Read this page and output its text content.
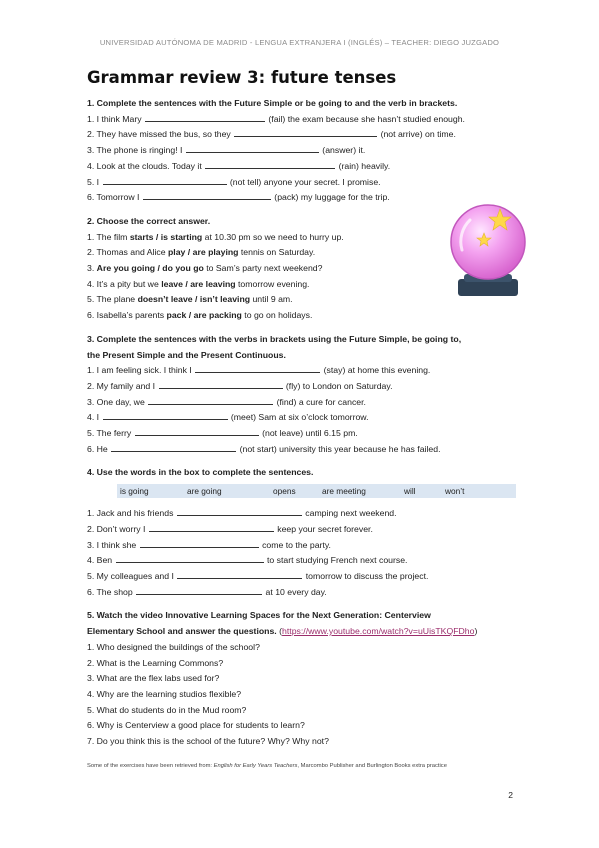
UNIVERSIDAD AUTÓNOMA DE MADRID - LENGUA EXTRANJERA I (INGLÉS) – TEACHER: DIEGO JUZGADO
Grammar review 3: future tenses
1. Complete the sentences with the Future Simple or be going to and the verb in brackets.
1. I think Mary	(fail) the exam because she hasn’t studied enough.
2. They have missed the bus, so they	(not arrive) on time.
3. The phone is ringing! I	(answer) it.
4. Look at the clouds. Today it	(rain) heavily.
5. I	(not tell) anyone your secret. I promise.
6. Tomorrow I	(pack) my luggage for the trip.
2. Choose the correct answer.
1. The film starts / is starting at 10.30 pm so we need to hurry up.
2. Thomas and Alice play / are playing tennis on Saturday.
3. Are you going / do you go to Sam’s party next weekend?
4. It’s a pity but we leave / are leaving tomorrow evening.
5. The plane doesn’t leave / isn’t leaving until 9 am.
6. Isabella’s parents pack / are packing to go on holidays.
3. Complete the sentences with the verbs in brackets using the Future Simple, be going to,
the Present Simple and the Present Continuous.
1. I am feeling sick. I think I	(stay) at home this evening.
2. My family and I	(fly) to London on Saturday.
3. One day, we	(find) a cure for cancer.
4. I	(meet) Sam at six o’clock tomorrow.
5. The ferry	(not leave) until 6.15 pm.
6. He	(not start) university this year because he has failed.
4. Use the words in the box to complete the sentences.
is going	are going	opens	are meeting	will	won’t
1. Jack and his friends	camping next weekend.
2. Don’t worry I	keep your secret forever.
3. I think she	come to the party.
4. Ben	to start studying French next course.
5. My colleagues and I	tomorrow to discuss the project.
6. The shop	at 10 every day.
5. Watch the video Innovative Learning Spaces for the Next Generation: Centerview
Elementary School and answer the questions. (https://www.youtube.com/watch?v=uUisTKQFDho)
1. Who designed the buildings of the school?
2. What is the Learning Commons?
3. What are the flex labs used for?
4. Why are the learning studios flexible?
5. What do students do in the Mud room?
6. Why is Centerview a good place for students to learn?
7. Do you think this is the school of the future? Why? Why not?
Some of the exercises have been retrieved from: English for Early Years Teachers, Marcombo Publisher and Burlington Books extra practice
2
